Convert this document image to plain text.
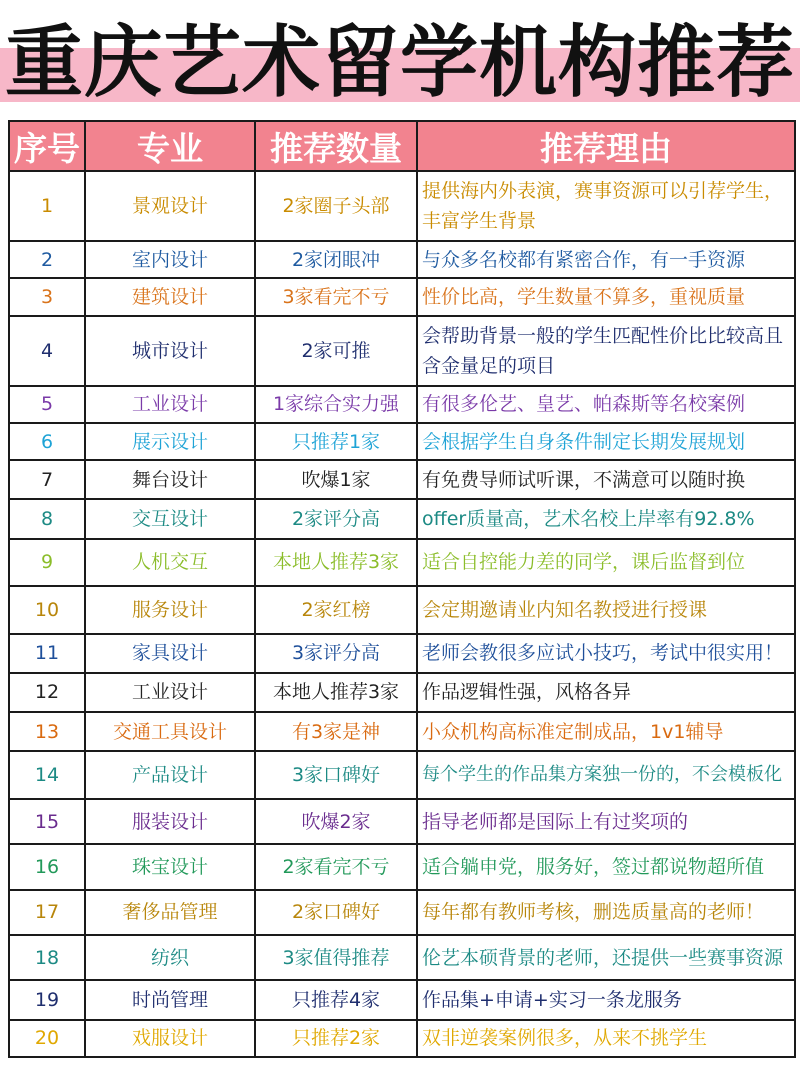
重庆艺术留学机构推荐
序号	专业	推荐数量	推荐理由
1	景观设计	2家圈子头部	提供海内外表演，赛事资源可以引荐学生，丰富学生背景
2	室内设计	2家闭眼冲	与众多名校都有紧密合作，有一手资源
3	建筑设计	3家看完不亏	性价比高，学生数量不算多，重视质量
4	城市设计	2家可推	会帮助背景一般的学生匹配性价比比较高且含金量足的项目
5	工业设计	1家综合实力强	有很多伦艺、皇艺、帕森斯等名校案例
6	展示设计	只推荐1家	会根据学生自身条件制定长期发展规划
7	舞台设计	吹爆1家	有免费导师试听课，不满意可以随时换
8	交互设计	2家评分高	offer质量高，艺术名校上岸率有92.8%
9	人机交互	本地人推荐3家	适合自控能力差的同学，课后监督到位
10	服务设计	2家红榜	会定期邀请业内知名教授进行授课
11	家具设计	3家评分高	老师会教很多应试小技巧，考试中很实用！
12	工业设计	本地人推荐3家	作品逻辑性强，风格各异
13	交通工具设计	有3家是神	小众机构高标准定制成品，1v1辅导
14	产品设计	3家口碑好	每个学生的作品集方案独一份的，不会模板化
15	服装设计	吹爆2家	指导老师都是国际上有过奖项的
16	珠宝设计	2家看完不亏	适合躺申党，服务好，签过都说物超所值
17	奢侈品管理	2家口碑好	每年都有教师考核，删选质量高的老师！
18	纺织	3家值得推荐	伦艺本硕背景的老师，还提供一些赛事资源
19	时尚管理	只推荐4家	作品集+申请+实习一条龙服务
20	戏服设计	只推荐2家	双非逆袭案例很多，从来不挑学生
